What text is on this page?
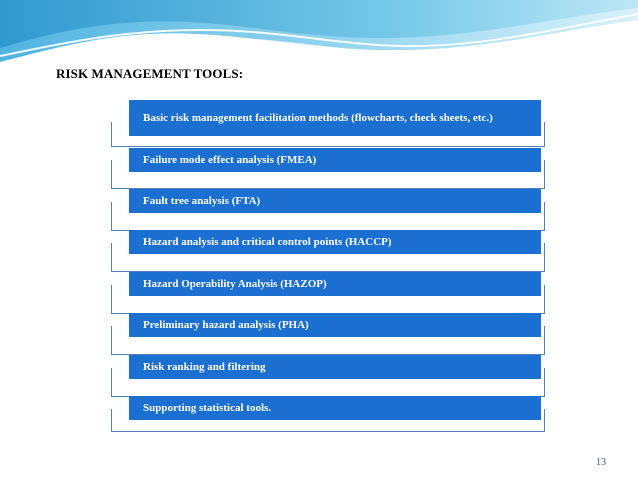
RISK MANAGEMENT TOOLS:
Basic risk management facilitation methods (flowcharts, check sheets, etc.)
Failure mode effect analysis (FMEA)
Fault tree analysis (FTA)
Hazard analysis and critical control points (HACCP)
Hazard Operability Analysis (HAZOP)
Preliminary hazard analysis (PHA)
Risk ranking and filtering
Supporting statistical tools.
13
